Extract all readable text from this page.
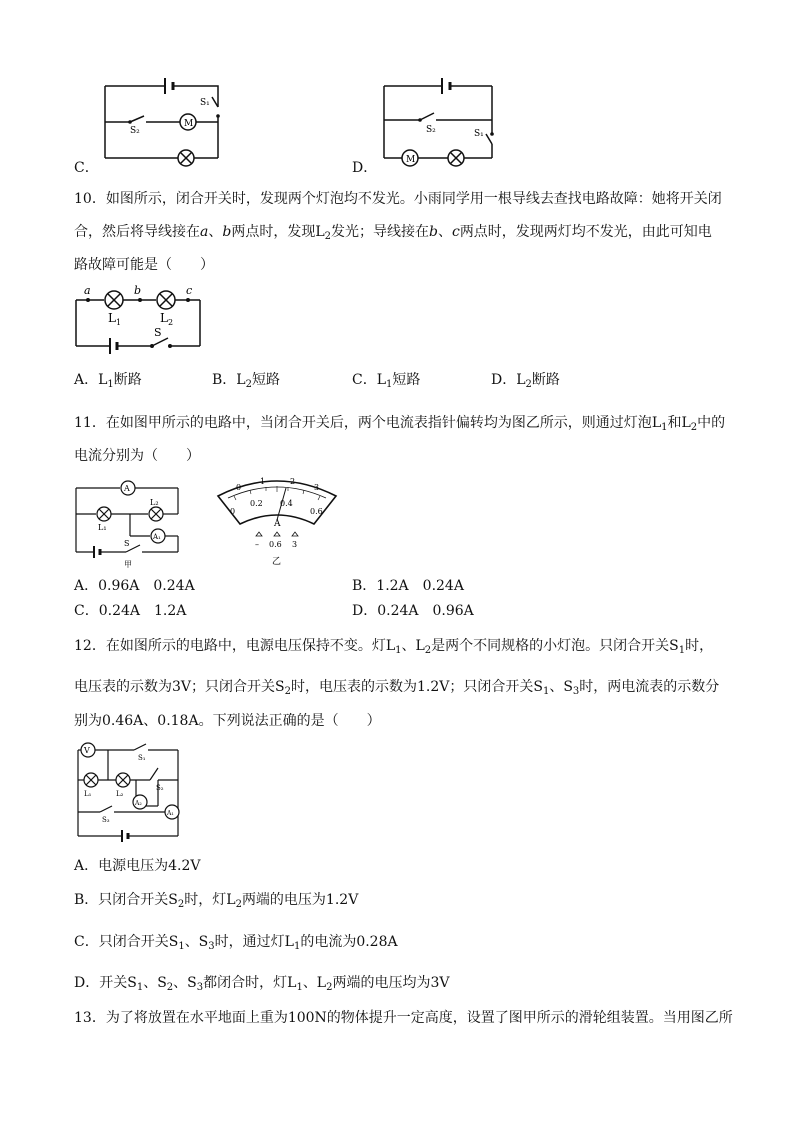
S₂
M
S₁
C．
S₂	S₁
M
D．
10．如图所示，闭合开关时，发现两个灯泡均不发光。小雨同学用一根导线去查找电路故障：她将开关闭
合，然后将导线接在a、b两点时，发现$L_2$发光；导线接在b、c两点时，发现两灯均不发光，由此可知电
路故障可能是（　　）
a	b	c
$L_1$	$L_2$
S
A．$L_1$断路	B．$L_2$短路	C．$L_1$短路	D．$L_2$断路
11．在如图甲所示的电路中，当闭合开关后，两个电流表指针偏转均为图乙所示，则通过灯泡$L_1$和$L_2$中的
电流分别为（　　）
A
A₁
L₁
L₂
S
甲
0
0.2 0.4
0.6
0
1	2
3
A
– 0.6 3
乙
A．0.96A　0.24A	B．1.2A　0.24A
C．0.24A　1.2A	D．0.24A　0.96A
12．在如图所示的电路中，电源电压保持不变。灯$L_1$、$L_2$是两个不同规格的小灯泡。只闭合开关$S_1$时，
电压表的示数为3V；只闭合开关$S_2$时，电压表的示数为1.2V；只闭合开关$S_1$、$S_3$时，两电流表的示数分
别为0.46A、0.18A。下列说法正确的是（　　）
V
A₂
A₁
L₁	L₂
S₁
S₂
S₃
A．电源电压为4.2V
B．只闭合开关$S_2$时，灯$L_2$两端的电压为1.2V
C．只闭合开关$S_1$、$S_3$时，通过灯$L_1$的电流为0.28A
D．开关$S_1$、$S_2$、$S_3$都闭合时，灯$L_1$、$L_2$两端的电压均为3V
13．为了将放置在水平地面上重为100N的物体提升一定高度，设置了图甲所示的滑轮组装置。当用图乙所
